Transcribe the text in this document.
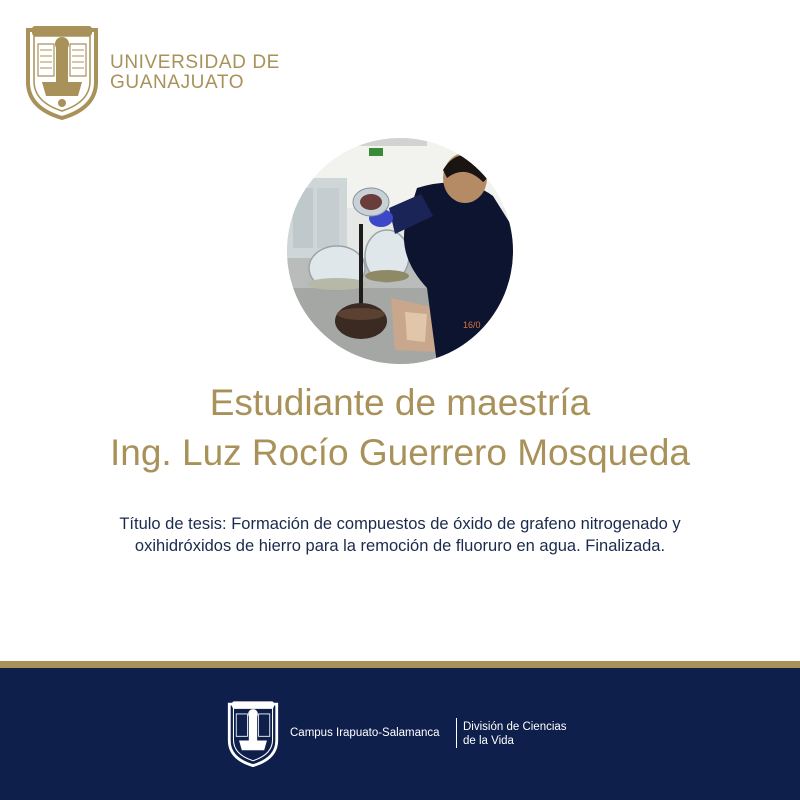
UNIVERSIDAD DE
GUANAJUATO
16/0
Estudiante de maestría
Ing. Luz Rocío Guerrero Mosqueda
Título de tesis: Formación de compuestos de óxido de grafeno nitrogenado y
oxihidróxidos de hierro para la remoción de fluoruro en agua. Finalizada.
Campus Irapuato-Salamanca División de Ciencias
de la Vida
